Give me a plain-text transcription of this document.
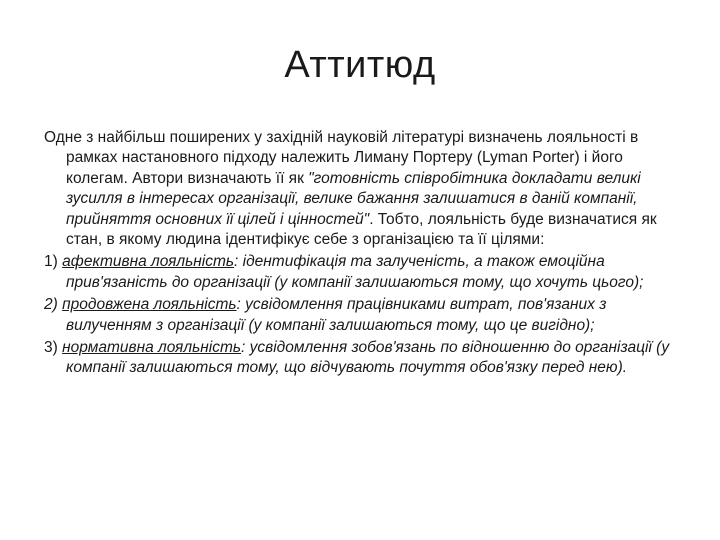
Аттитюд

Одне з найбільш поширених у західній науковій літературі визначень лояльності в рамках настановного підходу належить Лиману Портеру (Lyman Porter) і його колегам. Автори визначають її як "готовність співробітника докладати великі зусилля в інтересах організації, велике бажання залишатися в даній компанії, прийняття основних її цілей і цінностей". Тобто, лояльність буде визначатися як стан, в якому людина ідентифікує себе з організацією та її цілями:

1) афективна лояльність: ідентифікація та залученість, а також емоційна прив'язаність до організації (у компанії залишаються тому, що хочуть цього);

2) продовжена лояльність: усвідомлення працівниками витрат, пов'язаних з вилученням з організації (у компанії залишаються тому, що це вигідно);

3) нормативна лояльність: усвідомлення зобов'язань по відношенню до організації (у компанії залишаються тому, що відчувають почуття обов'язку перед нею).
